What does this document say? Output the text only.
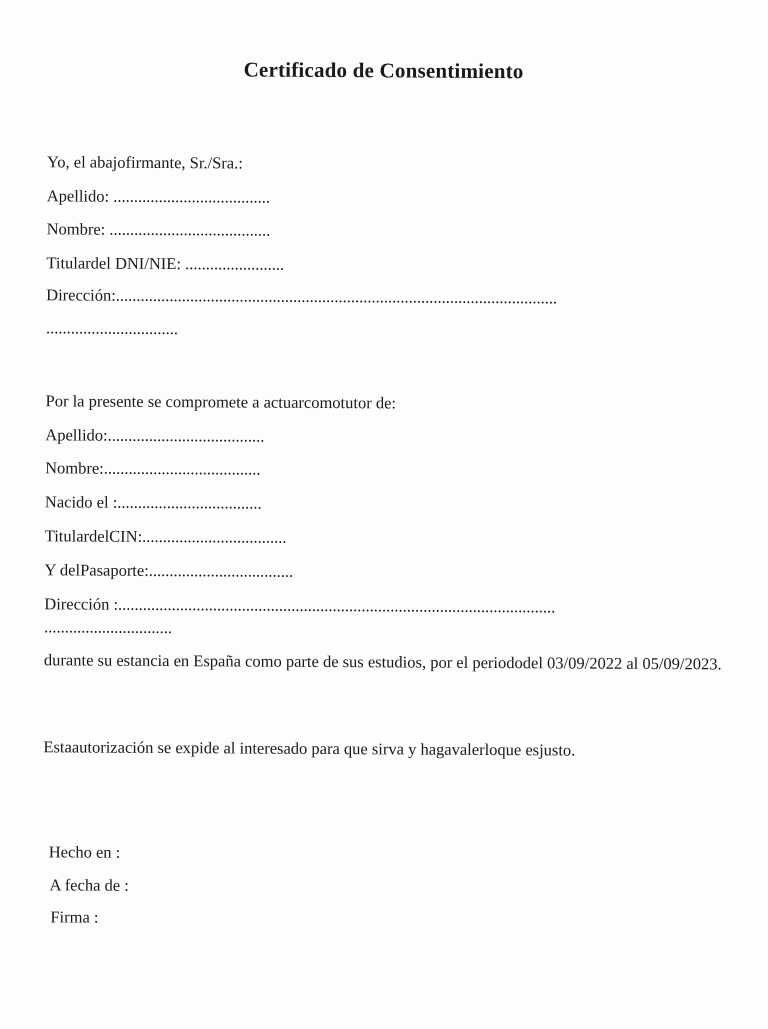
Certificado de Consentimiento
Yo, el abajofirmante, Sr./Sra.:
Apellido: ......................................
Nombre: .......................................
Titulardel DNI/NIE: ........................
Dirección:...........................................................................................................
................................
Por la presente se compromete a actuarcomotutor de:
Apellido:......................................
Nombre:......................................
Nacido el :...................................
TitulardelCIN:...................................
Y delPasaporte:...................................
Dirección :..........................................................................................................
...............................
durante su estancia en España como parte de sus estudios, por el periododel 03/09/2022 al 05/09/2023.
Estaautorización se expide al interesado para que sirva y hagavalerloque esjusto.
Hecho en :
A fecha de :
Firma :
